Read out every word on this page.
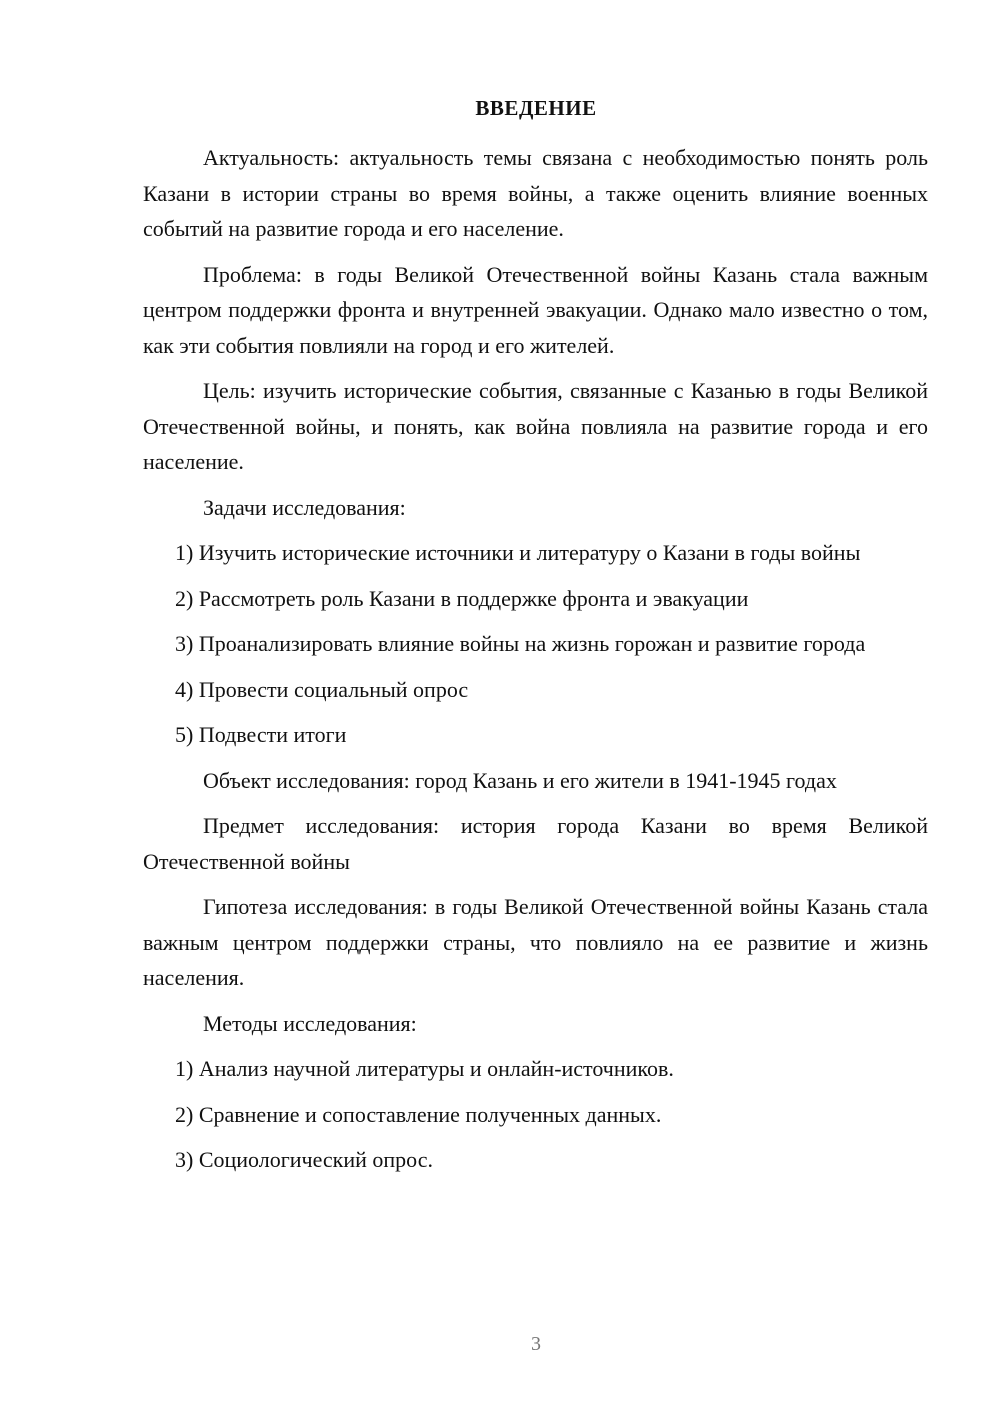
ВВЕДЕНИЕ

Актуальность: актуальность темы связана с необходимостью понять роль Казани в истории страны во время войны, а также оценить влияние военных событий на развитие города и его население.

Проблема: в годы Великой Отечественной войны Казань стала важным центром поддержки фронта и внутренней эвакуации. Однако мало известно о том, как эти события повлияли на город и его жителей.

Цель: изучить исторические события, связанные с Казанью в годы Великой Отечественной войны, и понять, как война повлияла на развитие города и его население.

Задачи исследования:

1) Изучить исторические источники и литературу о Казани в годы войны

2) Рассмотреть роль Казани в поддержке фронта и эвакуации

3) Проанализировать влияние войны на жизнь горожан и развитие города

4) Провести социальный опрос

5) Подвести итоги

Объект исследования: город Казань и его жители в 1941-1945 годах

Предмет исследования: история города Казани во время Великой Отечественной войны

Гипотеза исследования: в годы Великой Отечественной войны Казань стала важным центром поддержки страны, что повлияло на ее развитие и жизнь населения.

Методы исследования:

1) Анализ научной литературы и онлайн-источников.

2) Сравнение и сопоставление полученных данных.

3) Социологический опрос.

3
